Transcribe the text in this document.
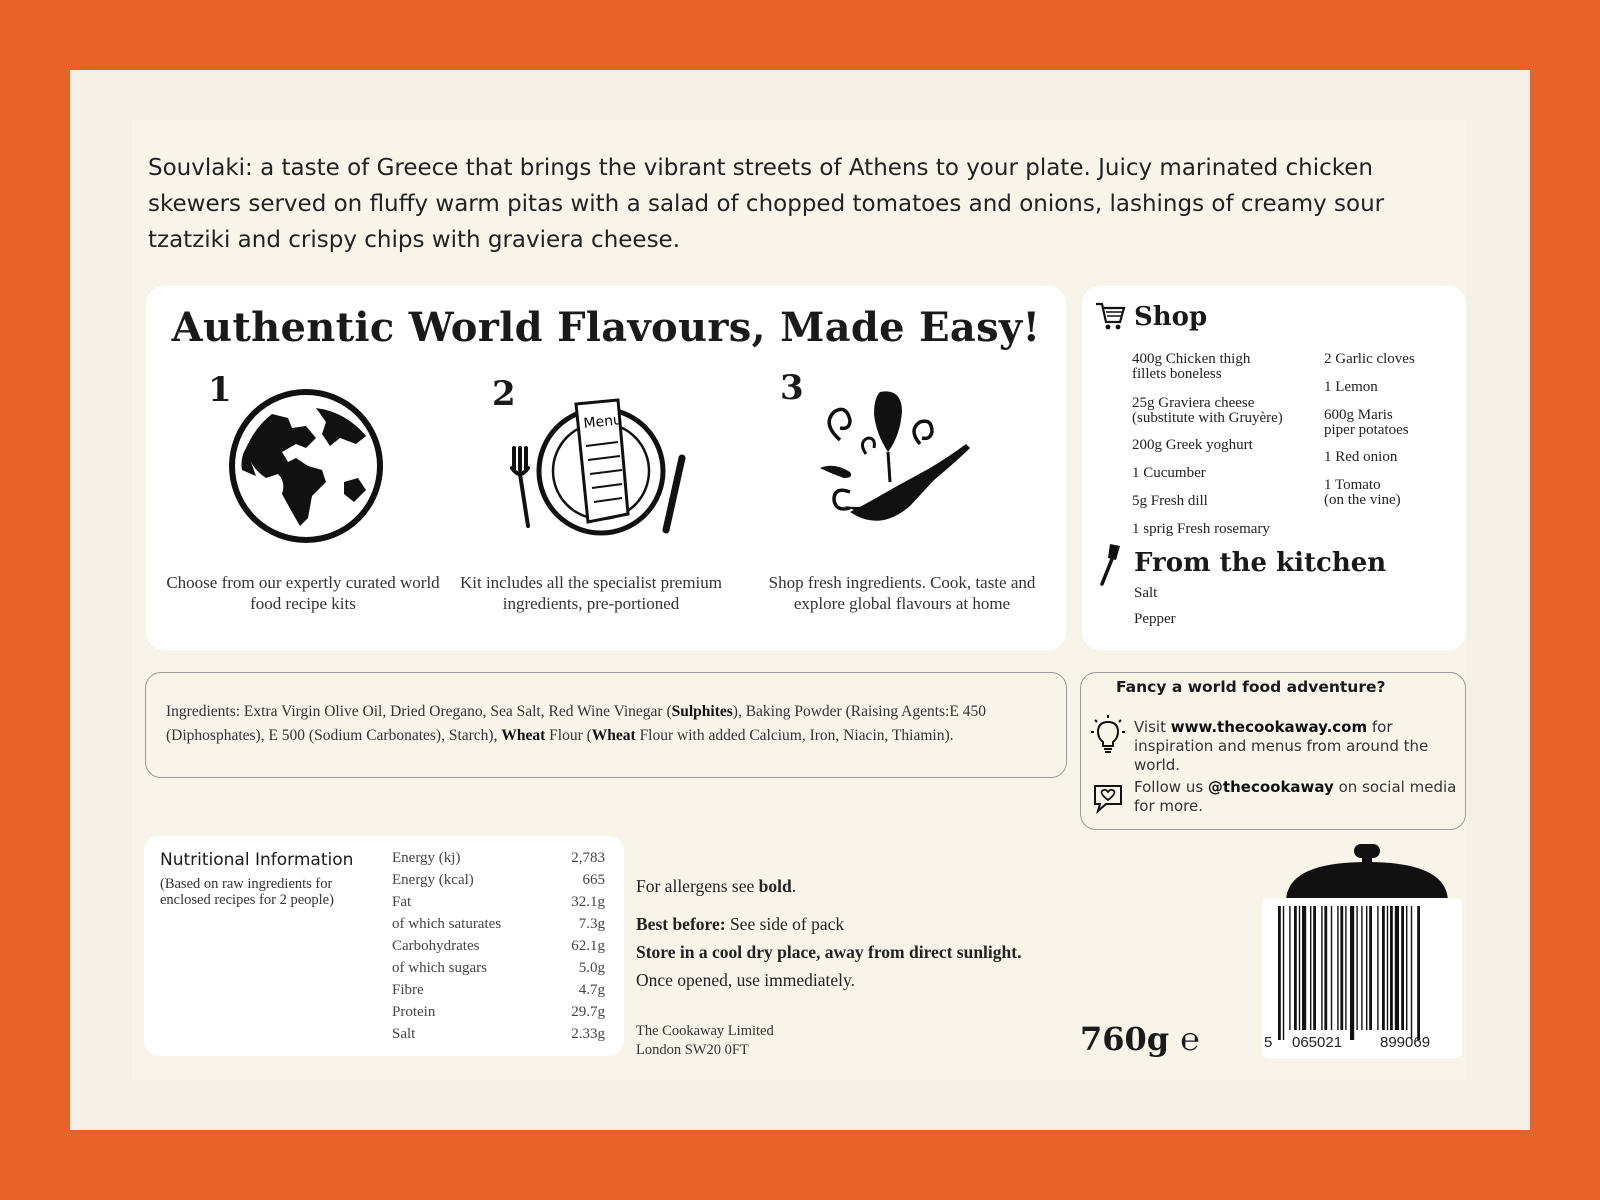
Souvlaki: a taste of Greece that brings the vibrant streets of Athens to your plate. Juicy marinated chicken skewers served on fluffy warm pitas with a salad of chopped tomatoes and onions, lashings of creamy sour tzatziki and crispy chips with graviera cheese.

Authentic World Flavours, Made Easy!
1
Choose from our expertly curated world food recipe kits
2
Menu
Kit includes all the specialist premium ingredients, pre-portioned
3
Shop fresh ingredients. Cook, taste and explore global flavours at home
Shop
400g Chicken thigh
fillets boneless
25g Graviera cheese
(substitute with Gruyère)
200g Greek yoghurt
1 Cucumber
5g Fresh dill
1 sprig Fresh rosemary
2 Garlic cloves
1 Lemon
600g Maris
piper potatoes
1 Red onion
1 Tomato
(on the vine)
From the kitchen
Salt
Pepper

Ingredients: Extra Virgin Olive Oil, Dried Oregano, Sea Salt, Red Wine Vinegar (Sulphites), Baking Powder (Raising Agents:E 450 (Diphosphates), E 500 (Sodium Carbonates), Starch), Wheat Flour (Wheat Flour with added Calcium, Iron, Niacin, Thiamin).

Fancy a world food adventure?
Visit www.thecookaway.com for inspiration and menus from around the world.
Follow us @thecookaway on social media for more.
Nutritional Information
(Based on raw ingredients for enclosed recipes for 2 people)
Energy (kj)	2,783
Energy (kcal)	665
Fat	32.1g
of which saturates	7.3g
Carbohydrates	62.1g
of which sugars	5.0g
Fibre	4.7g
Protein	29.7g
Salt	2.33g
For allergens see bold.
Best before: See side of pack
Store in a cool dry place, away from direct sunlight.
Once opened, use immediately.
The Cookaway Limited
London SW20 0FT	760g ℮	5 065021	899069
